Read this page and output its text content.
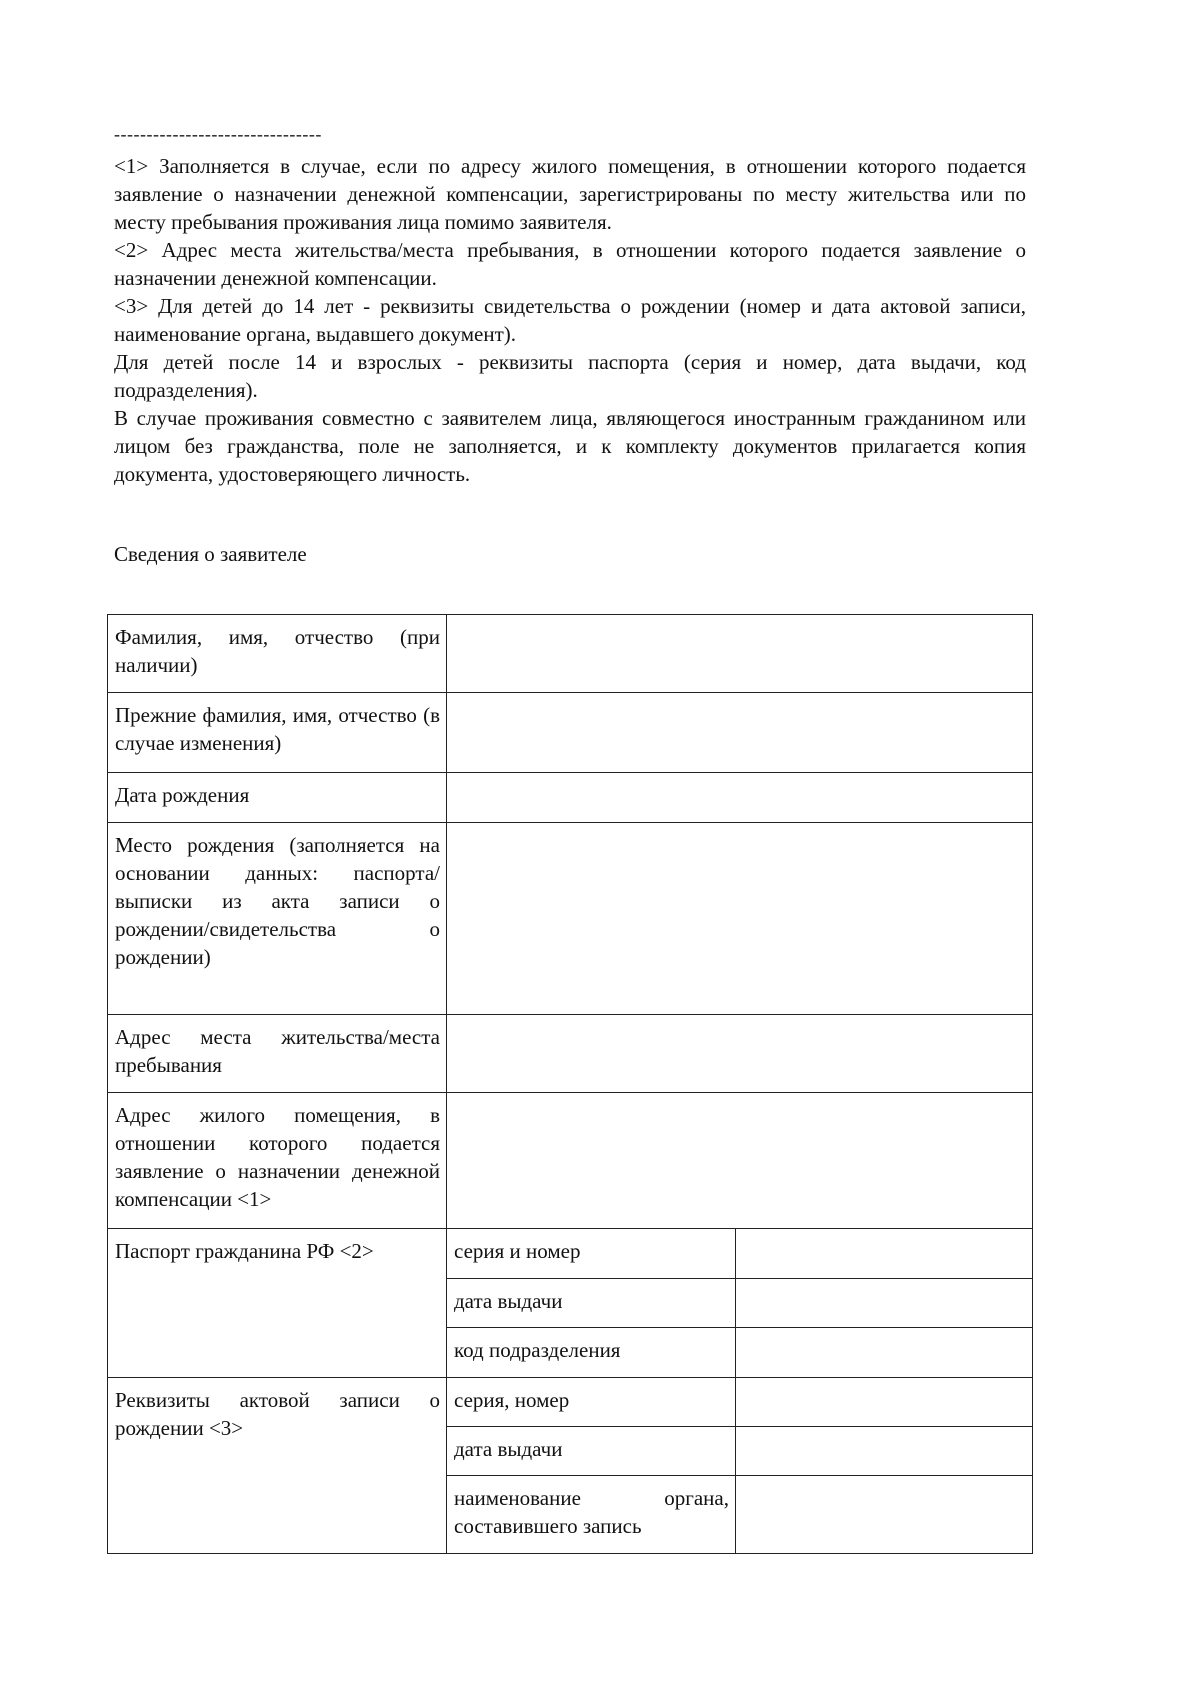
--------------------------------

<1> Заполняется в случае, если по адресу жилого помещения, в отношении которого подается заявление о назначении денежной компенсации, зарегистрированы по месту жительства или по месту пребывания проживания лица помимо заявителя.

<2> Адрес места жительства/места пребывания, в отношении которого подается заявление о назначении денежной компенсации.

<3> Для детей до 14 лет - реквизиты свидетельства о рождении (номер и дата актовой записи, наименование органа, выдавшего документ).

Для детей после 14 и взрослых - реквизиты паспорта (серия и номер, дата выдачи, код подразделения).

В случае проживания совместно с заявителем лица, являющегося иностранным гражданином или лицом без гражданства, поле не заполняется, и к комплекту документов прилагается копия документа, удостоверяющего личность.

Сведения о заявителе
Фамилия, имя, отчество (при наличии)		
Прежние фамилия, имя, отчество (в случае изменения)		
Дата рождения		
Место рождения (заполняется на основании данных: паспорта/выписки из акта записи о рождении/свидетельства о рождении)		
Адрес места жительства/места пребывания		
Адрес жилого помещения, в отношении которого подается заявление о назначении денежной компенсации <1>		
Паспорт гражданина РФ <2>	серия и номер	
	дата выдачи	
	код подразделения	
Реквизиты актовой записи о рождении <3>	серия, номер	
	дата выдачи	
	наименование органа, составившего запись	
